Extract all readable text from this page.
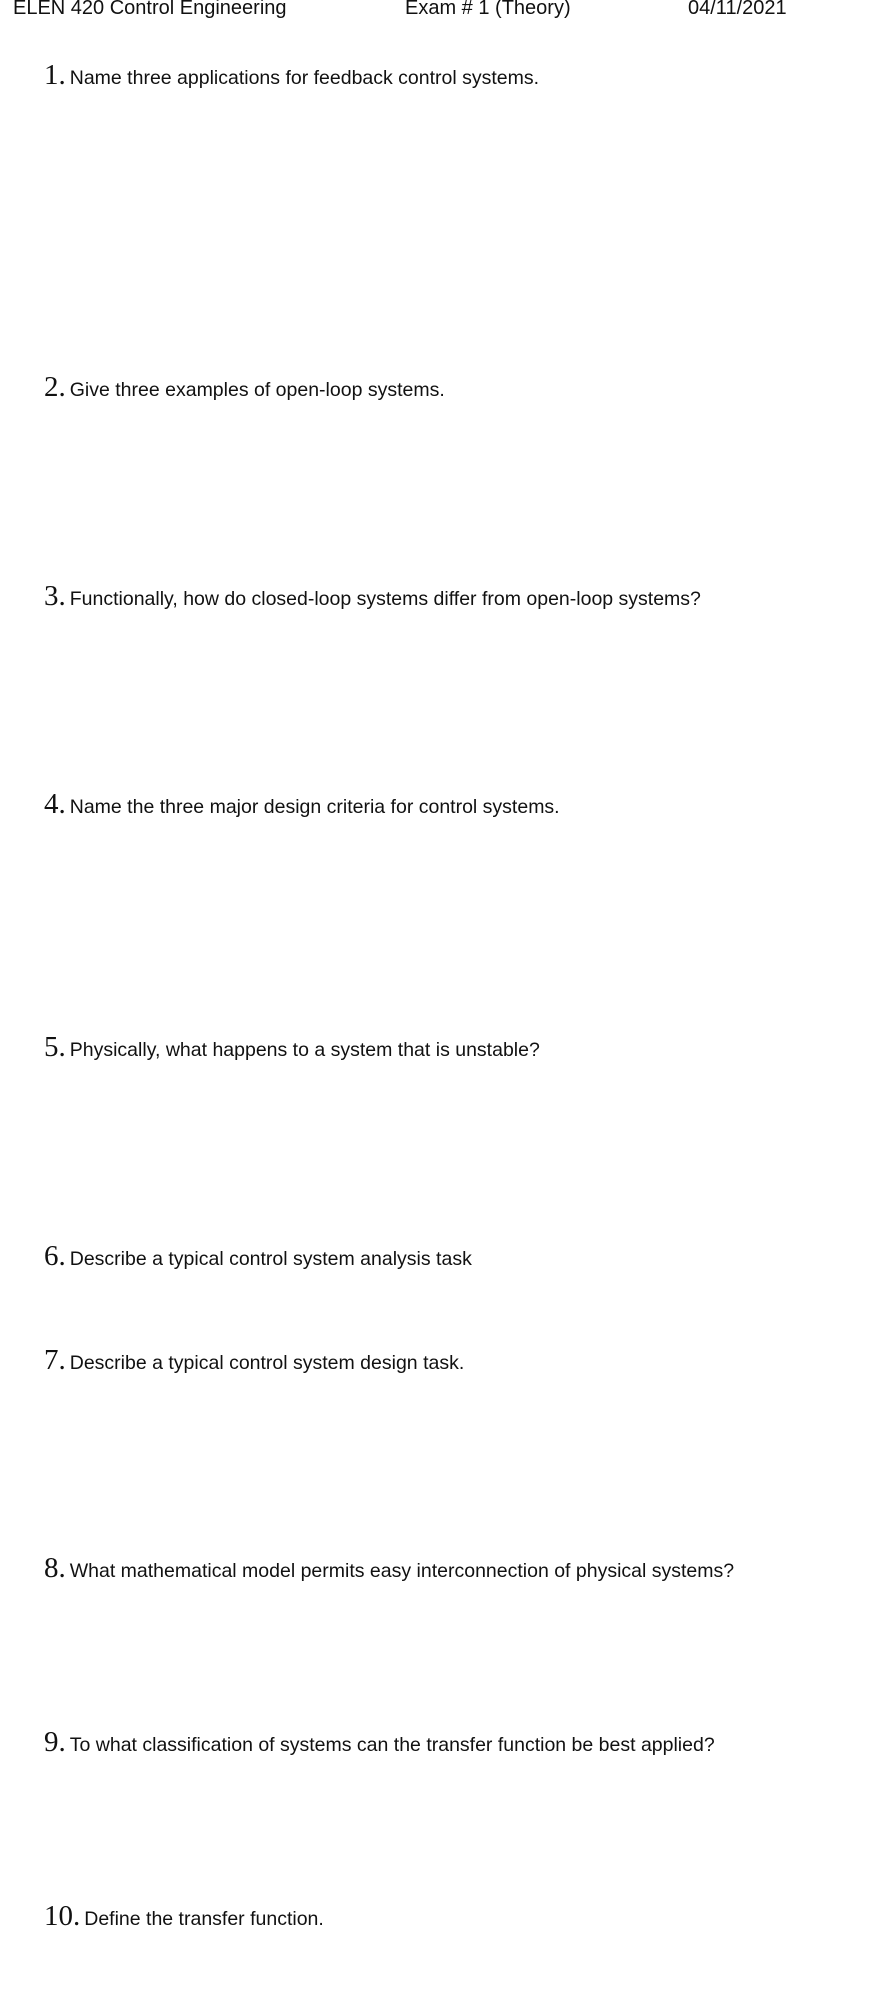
ELEN 420 Control Engineering	Exam # 1 (Theory)	04/11/2021
1. Name three applications for feedback control systems.
2. Give three examples of open-loop systems.
3. Functionally, how do closed-loop systems differ from open-loop systems?
4. Name the three major design criteria for control systems.
5. Physically, what happens to a system that is unstable?
6. Describe a typical control system analysis task
7. Describe a typical control system design task.
8. What mathematical model permits easy interconnection of physical systems?
9. To what classification of systems can the transfer function be best applied?
10. Define the transfer function.
